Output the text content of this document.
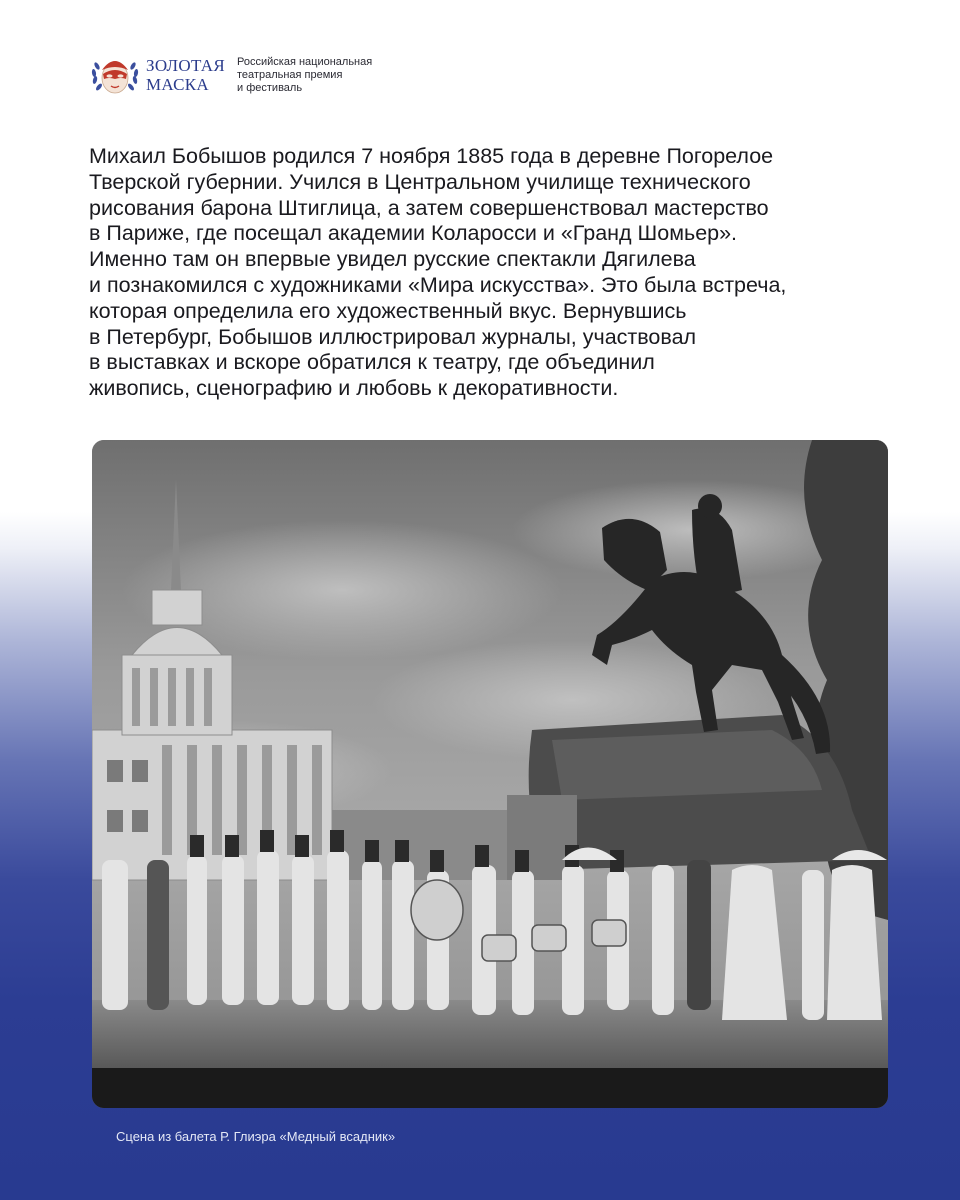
ЗОЛОТАЯ
МАСКА
Российская национальная
театральная премия
и фестиваль
Михаил Бобышов родился 7 ноября 1885 года в деревне Погорелое
Тверской губернии. Учился в Центральном училище технического
рисования барона Штиглица, а затем совершенствовал мастерство
в Париже, где посещал академии Коларосси и «Гранд Шомьер».
Именно там он впервые увидел русские спектакли Дягилева
и познакомился с художниками «Мира искусства». Это была встреча,
которая определила его художественный вкус. Вернувшись
в Петербург, Бобышов иллюстрировал журналы, участвовал
в выставках и вскоре обратился к театру, где объединил
живопись, сценографию и любовь к декоративности.
Сцена из балета Р. Глиэра «Медный всадник»
